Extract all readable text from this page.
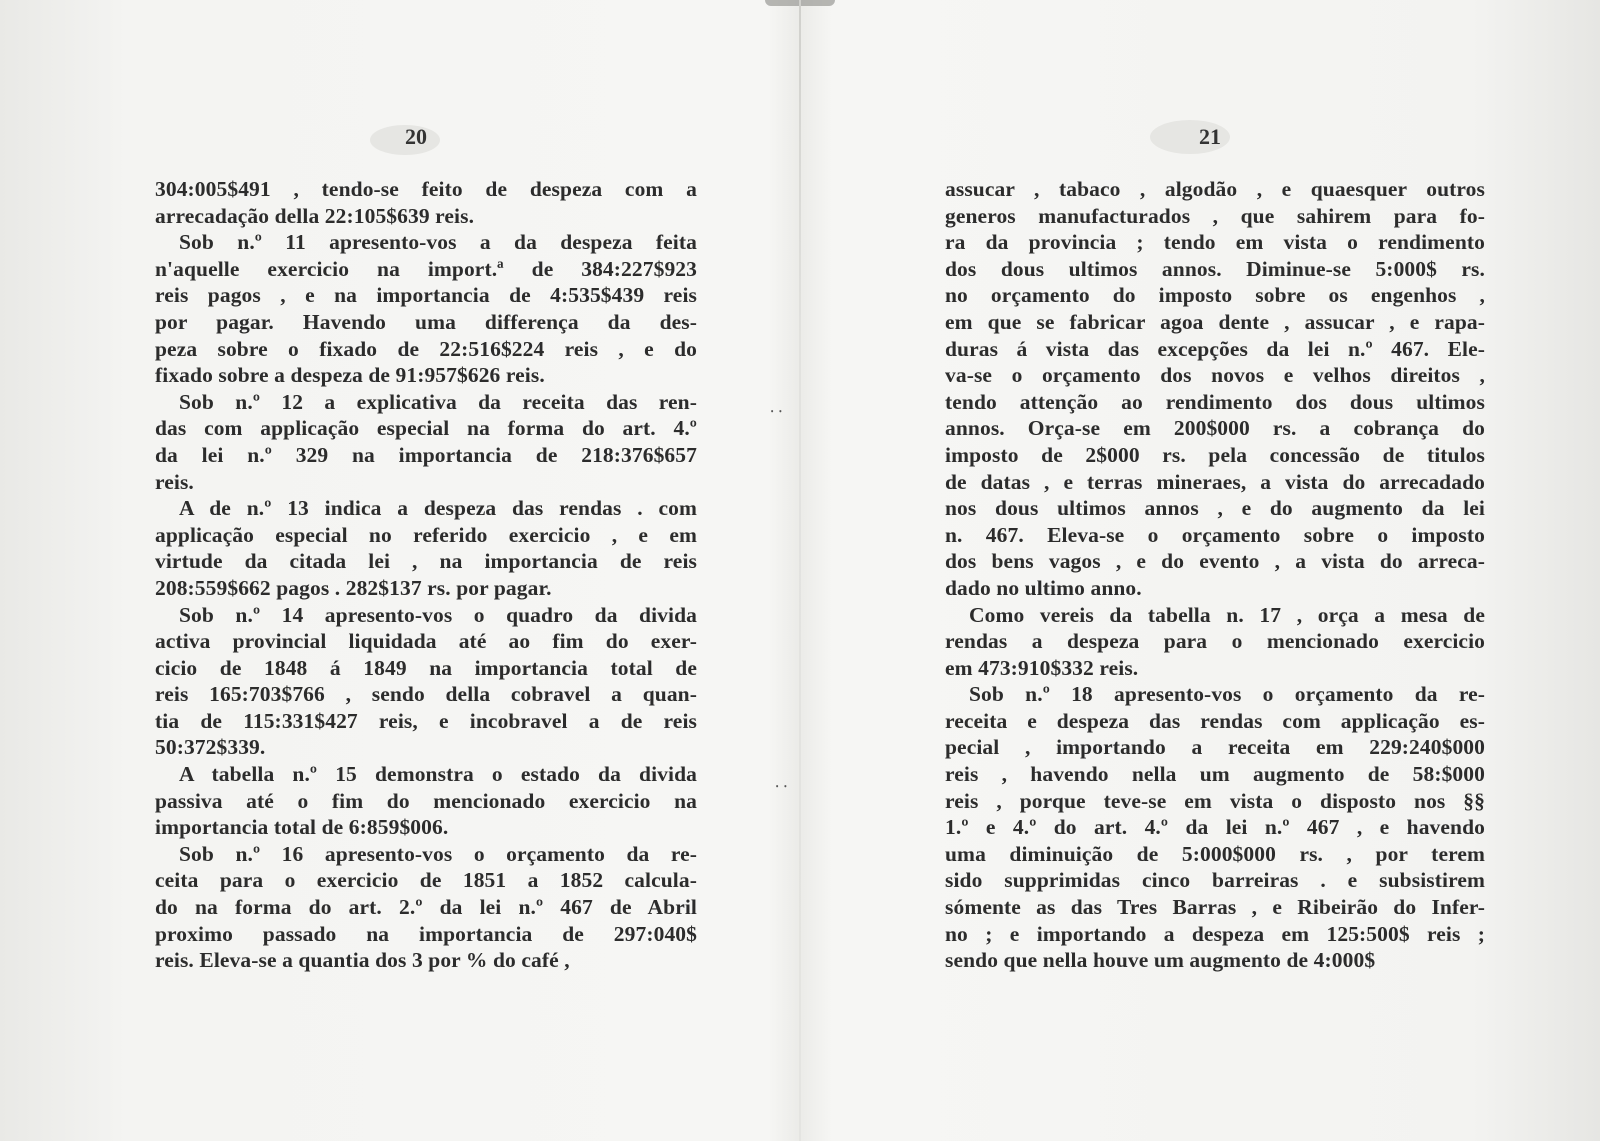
20	21
⸱ ⸱
⸱ ⸱
304:005$491 , tendo-se feito de despeza com a
arrecadação della 22:105$639 reis.
Sob n.º 11 apresento-vos a da despeza feita
n'aquelle exercicio na import.ª de 384:227$923
reis pagos , e na importancia de 4:535$439 reis
por pagar. Havendo uma differença da des-
peza sobre o fixado de 22:516$224 reis , e do
fixado sobre a despeza de 91:957$626 reis.
Sob n.º 12 a explicativa da receita das ren-
das com applicação especial na forma do art. 4.º
da lei n.º 329 na importancia de 218:376$657
reis.
A de n.º 13 indica a despeza das rendas . com
applicação especial no referido exercicio , e em
virtude da citada lei , na importancia de reis
208:559$662 pagos . 282$137 rs. por pagar.
Sob n.º 14 apresento-vos o quadro da divida
activa provincial liquidada até ao fim do exer-
cicio de 1848 á 1849 na importancia total de
reis 165:703$766 , sendo della cobravel a quan-
tia de 115:331$427 reis, e incobravel a de reis
50:372$339.
A tabella n.º 15 demonstra o estado da divida
passiva até o fim do mencionado exercicio na
importancia total de 6:859$006.
Sob n.º 16 apresento-vos o orçamento da re-
ceita para o exercicio de 1851 a 1852 calcula-
do na forma do art. 2.º da lei n.º 467 de Abril
proximo passado na importancia de 297:040$
reis. Eleva-se a quantia dos 3 por % do café ,
assucar , tabaco , algodão , e quaesquer outros
generos manufacturados , que sahirem para fo-
ra da provincia ; tendo em vista o rendimento
dos dous ultimos annos. Diminue-se 5:000$ rs.
no orçamento do imposto sobre os engenhos ,
em que se fabricar agoa dente , assucar , e rapa-
duras á vista das excepções da lei n.º 467. Ele-
va-se o orçamento dos novos e velhos direitos ,
tendo attenção ao rendimento dos dous ultimos
annos. Orça-se em 200$000 rs. a cobrança do
imposto de 2$000 rs. pela concessão de titulos
de datas , e terras mineraes, a vista do arrecadado
nos dous ultimos annos , e do augmento da lei
n. 467. Eleva-se o orçamento sobre o imposto
dos bens vagos , e do evento , a vista do arreca-
dado no ultimo anno.
Como vereis da tabella n. 17 , orça a mesa de
rendas a despeza para o mencionado exercicio
em 473:910$332 reis.
Sob n.º 18 apresento-vos o orçamento da re-
receita e despeza das rendas com applicação es-
pecial , importando a receita em 229:240$000
reis , havendo nella um augmento de 58:$000
reis , porque teve-se em vista o disposto nos §§
1.º e 4.º do art. 4.º da lei n.º 467 , e havendo
uma diminuição de 5:000$000 rs. , por terem
sido supprimidas cinco barreiras . e subsistirem
sómente as das Tres Barras , e Ribeirão do Infer-
no ; e importando a despeza em 125:500$ reis ;
sendo que nella houve um augmento de 4:000$
